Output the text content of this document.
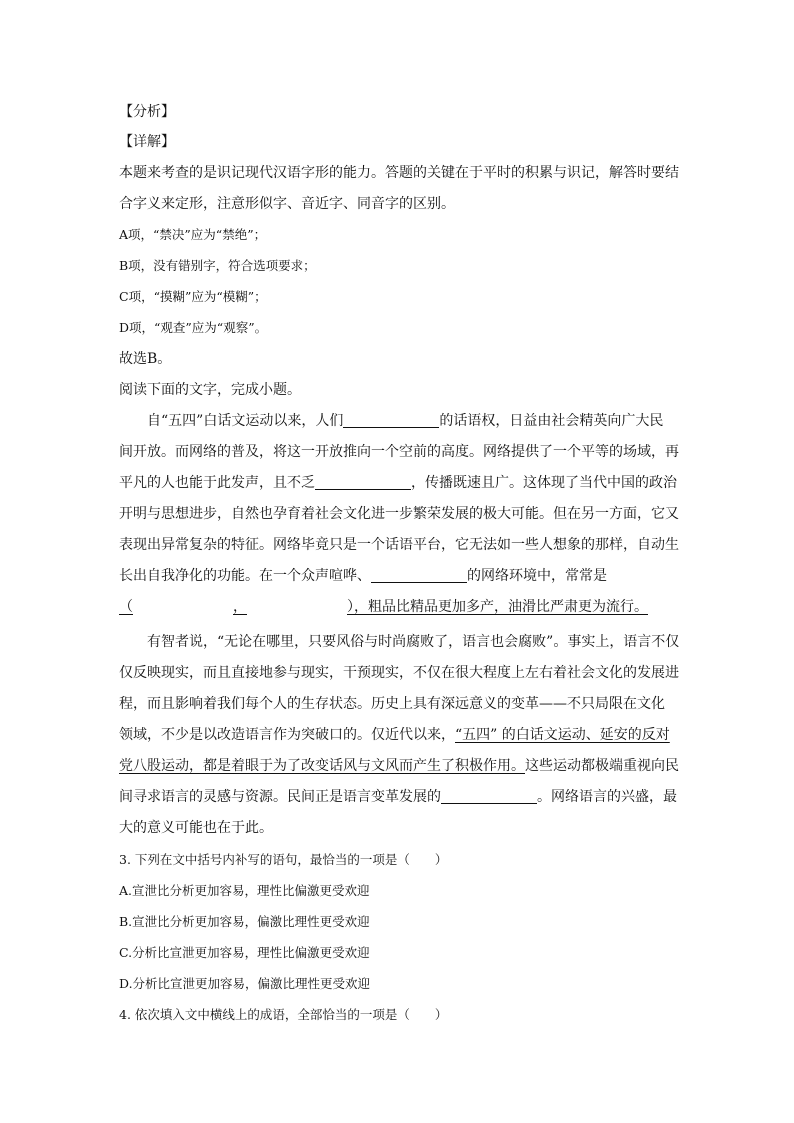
【分析】
【详解】
本题来考查的是识记现代汉语字形的能力。答题的关键在于平时的积累与识记，解答时要结
合字义来定形，注意形似字、音近字、同音字的区别。
A项，“禁决”应为“禁绝”；
B项，没有错别字，符合选项要求；
C项，“摸糊”应为“模糊”；
D项，“观查”应为“观察”。
故选B。
阅读下面的文字，完成小题。
自“五四”白话文运动以来，人们	的话语权，日益由社会精英向广大民
间开放。而网络的普及，将这一开放推向一个空前的高度。网络提供了一个平等的场域，再
平凡的人也能于此发声，且不乏	，传播既速且广。这体现了当代中国的政治
开明与思想进步，自然也孕育着社会文化进一步繁荣发展的极大可能。但在另一方面，它又
表现出异常复杂的特征。网络毕竟只是一个话语平台，它无法如一些人想象的那样，自动生
长出自我净化的功能。在一个众声喧哗、	的网络环境中，常常是
（	，	），粗品比精品更加多产，油滑比严肃更为流行。
有智者说，“无论在哪里，只要风俗与时尚腐败了，语言也会腐败”。事实上，语言不仅
仅反映现实，而且直接地参与现实，干预现实，不仅在很大程度上左右着社会文化的发展进
程，而且影响着我们每个人的生存状态。历史上具有深远意义的变革——不只局限在文化
领域，不少是以改造语言作为突破口的。仅近代以来，“五四” 的白话文运动、延安的反对
党八股运动，都是着眼于为了改变话风与文风而产生了积极作用。这些运动都极端重视向民
间寻求语言的灵感与资源。民间正是语言变革发展的	。网络语言的兴盛，最
大的意义可能也在于此。
3. 下列在文中括号内补写的语句，最恰当的一项是（　　）
A.宣泄比分析更加容易，理性比偏激更受欢迎
B.宣泄比分析更加容易，偏激比理性更受欢迎
C.分析比宣泄更加容易，理性比偏激更受欢迎
D.分析比宣泄更加容易，偏激比理性更受欢迎
4. 依次填入文中横线上的成语，全部恰当的一项是（　　）
